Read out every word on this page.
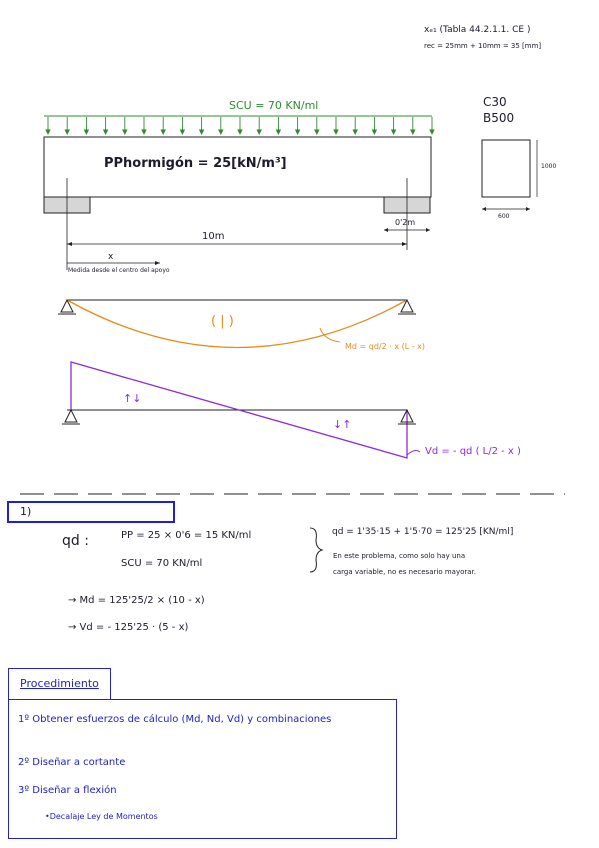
xₑ₁ (Tabla 44.2.1.1. CE )
rec = 25mm + 10mm = 35 [mm]
C30
B500
1000
600
SCU = 70 KN/ml
PPhormigón = 25[kN/m³]
0'2m
10m
x
Medida desde el centro del apoyo
( | )
Md = qd/2 · x (L - x)
↑↓
↓↑
Vd = - qd ( L/2 - x )
1)
qd :	PP = 25 × 0'6 = 15 KN/ml
SCU = 70 KN/ml
qd = 1'35·15 + 1'5·70 = 125'25 [KN/ml]
En este problema, como solo hay una
carga variable, no es necesario mayorar.
→ Md = 125'25/2 × (10 - x)
→ Vd = - 125'25 · (5 - x)
Procedimiento
1º Obtener esfuerzos de cálculo (Md, Nd, Vd) y combinaciones
2º Diseñar a cortante
3º Diseñar a flexión
•Decalaje Ley de Momentos
